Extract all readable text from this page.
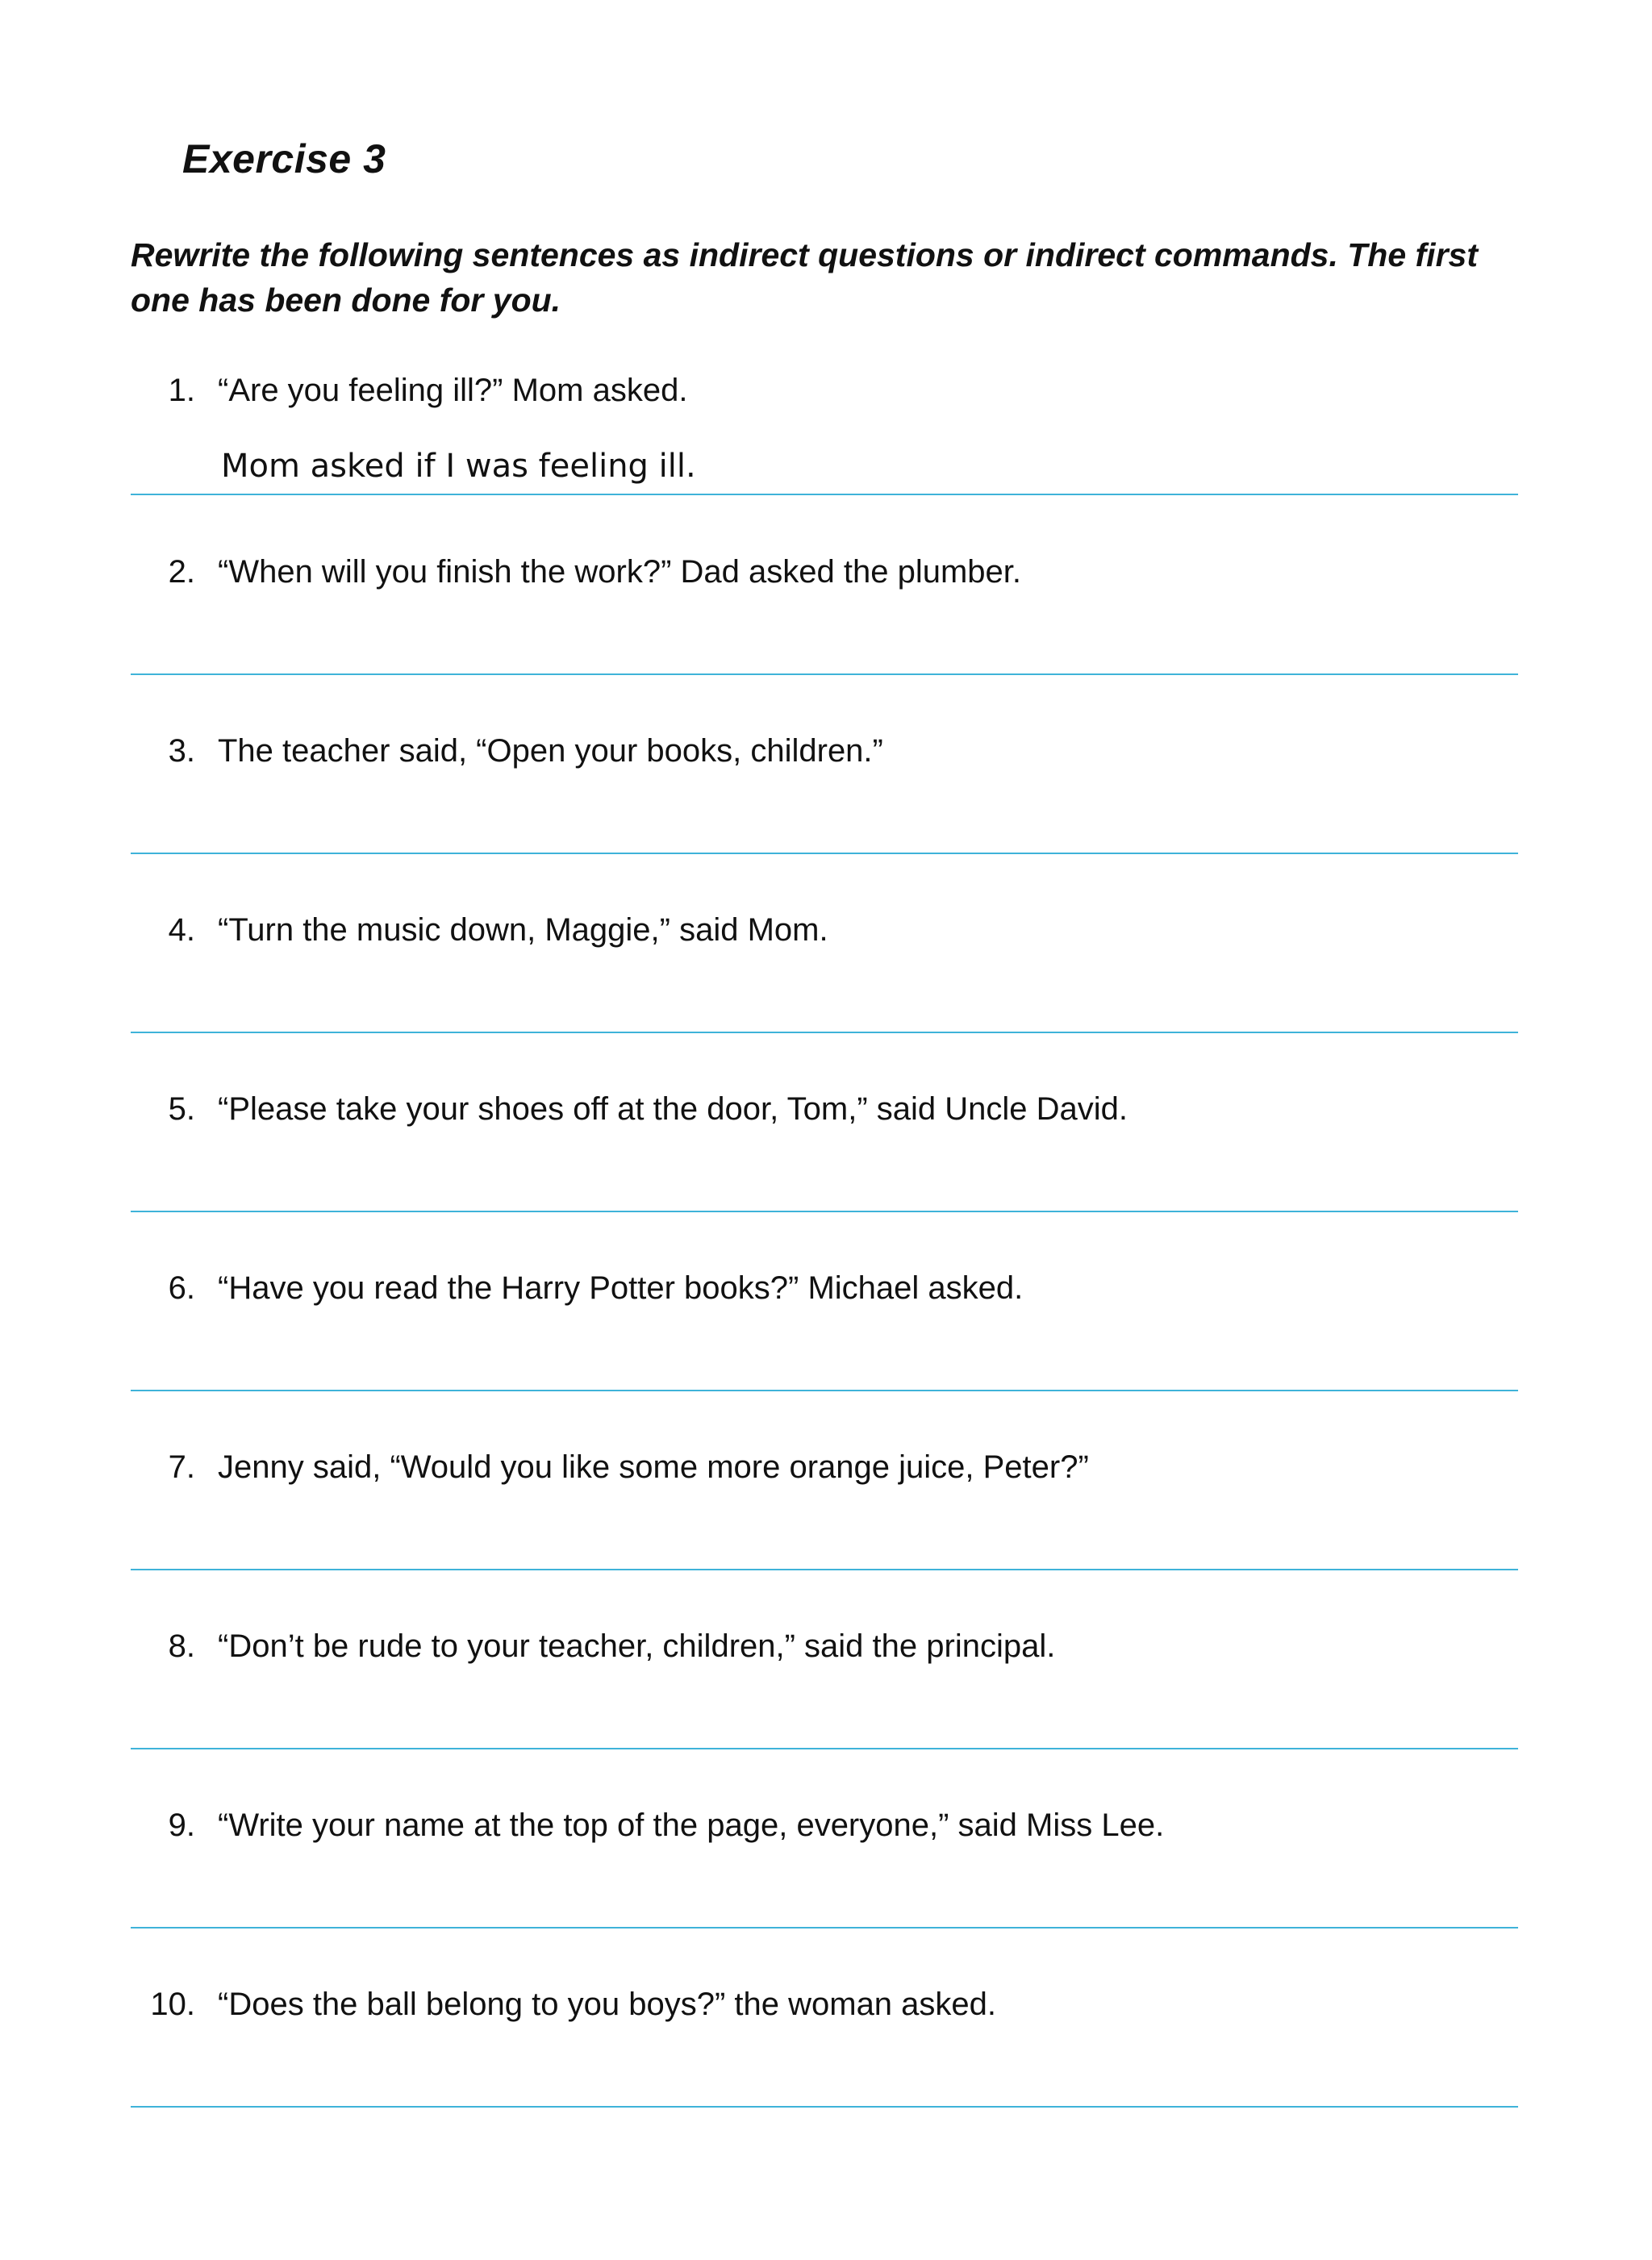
Exercise 3

Rewrite the following sentences as indirect questions or indirect commands. The first one has been done for you.

1. “Are you feeling ill?” Mom asked.
Mom asked if I was feeling ill.
2. “When will you finish the work?” Dad asked the plumber.
3. The teacher said, “Open your books, children.”
4. “Turn the music down, Maggie,” said Mom.
5. “Please take your shoes off at the door, Tom,” said Uncle David.
6. “Have you read the Harry Potter books?” Michael asked.
7. Jenny said, “Would you like some more orange juice, Peter?”
8. “Don’t be rude to your teacher, children,” said the principal.
9. “Write your name at the top of the page, everyone,” said Miss Lee.
10. “Does the ball belong to you boys?” the woman asked.
